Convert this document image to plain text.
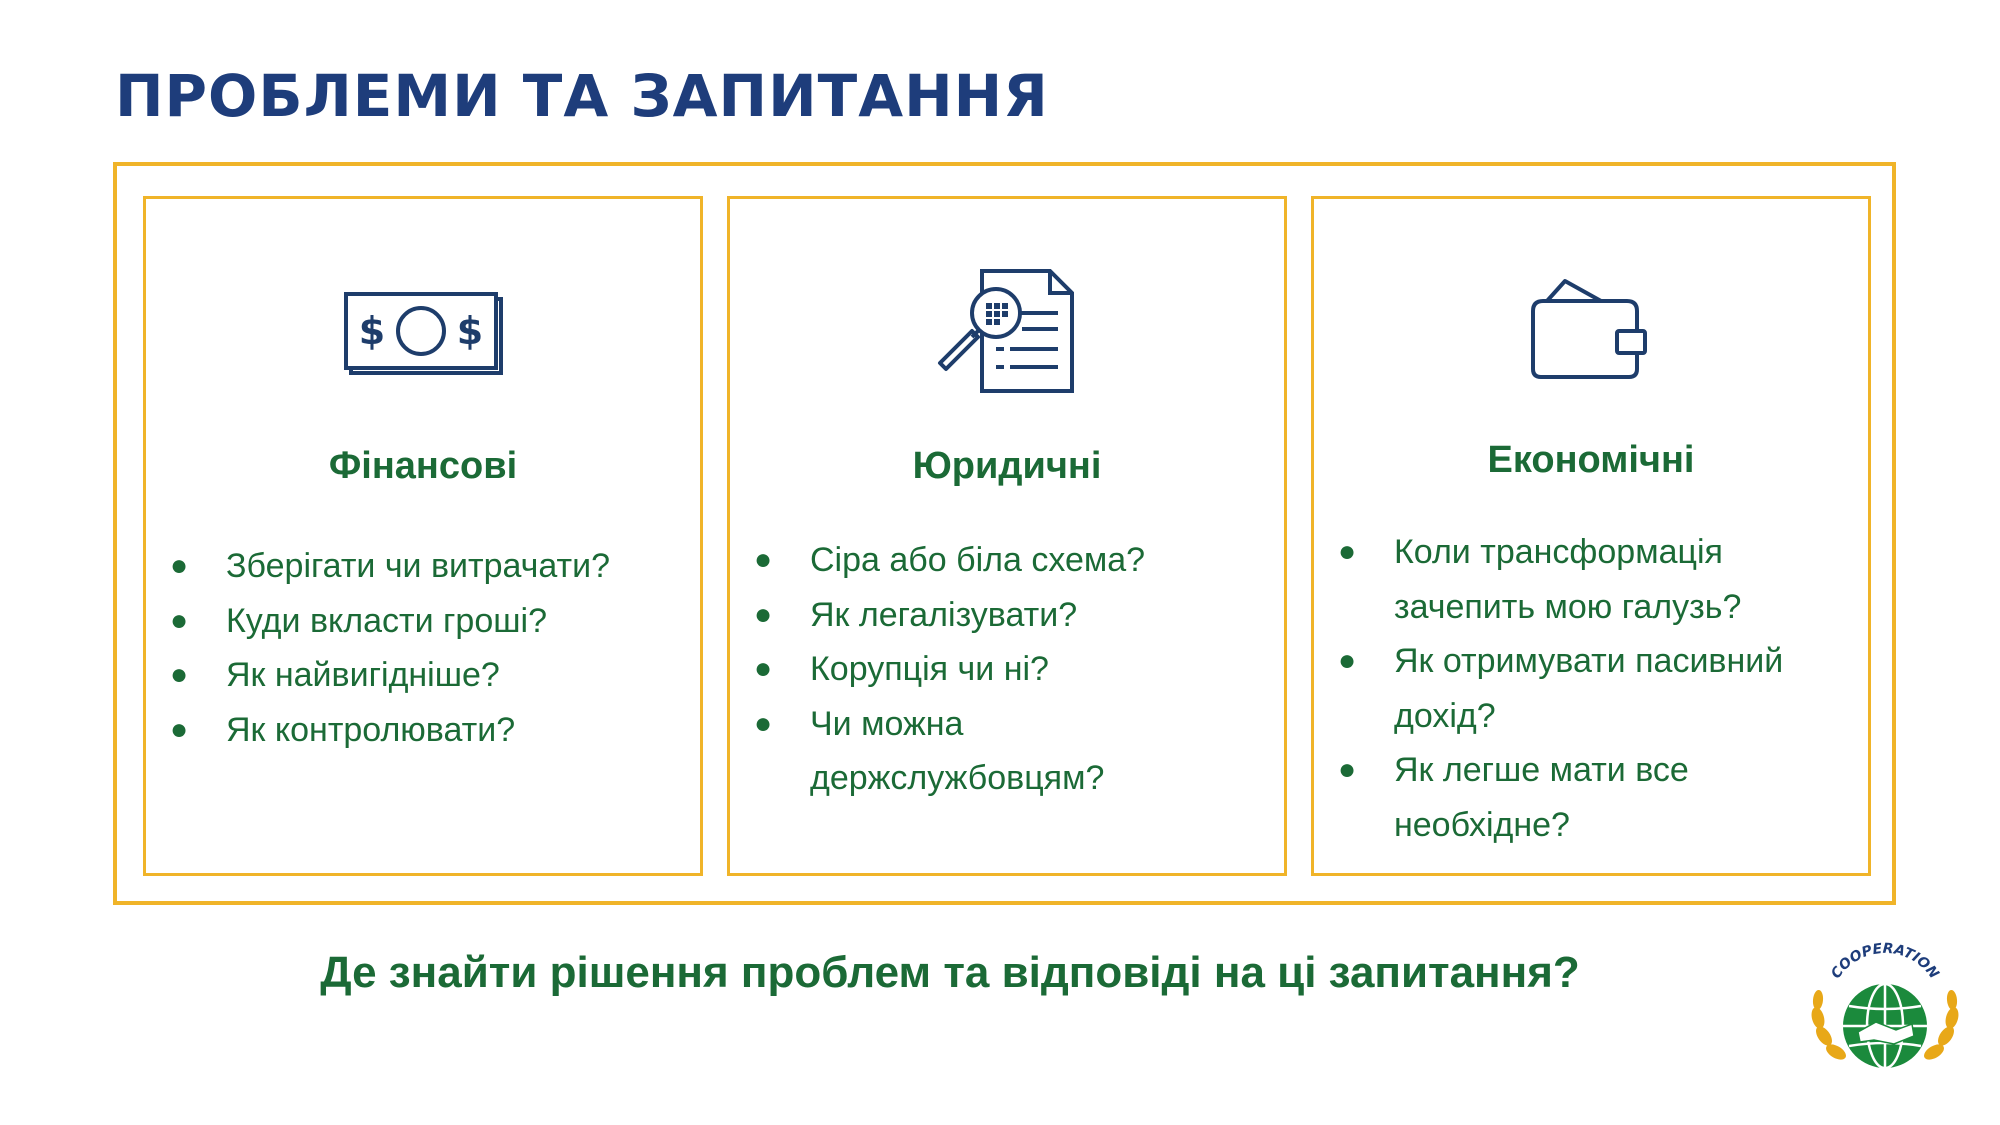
ПРОБЛЕМИ ТА ЗАПИТАННЯ
$ $
Фінансові
● Зберігати чи витрачати?
● Куди вкласти гроші?
● Як найвигідніше?
● Як контролювати?
Юридичні
● Сіра або біла схема?
● Як легалізувати?
● Корупція чи ні?
● Чи можна держслужбовцям?
Економічні
● Коли трансформація зачепить мою галузь?
● Як отримувати пасивний дохід?
● Як легше мати все необхідне?
Де знайти рішення проблем та відповіді на ці запитання?	COOPERATION
